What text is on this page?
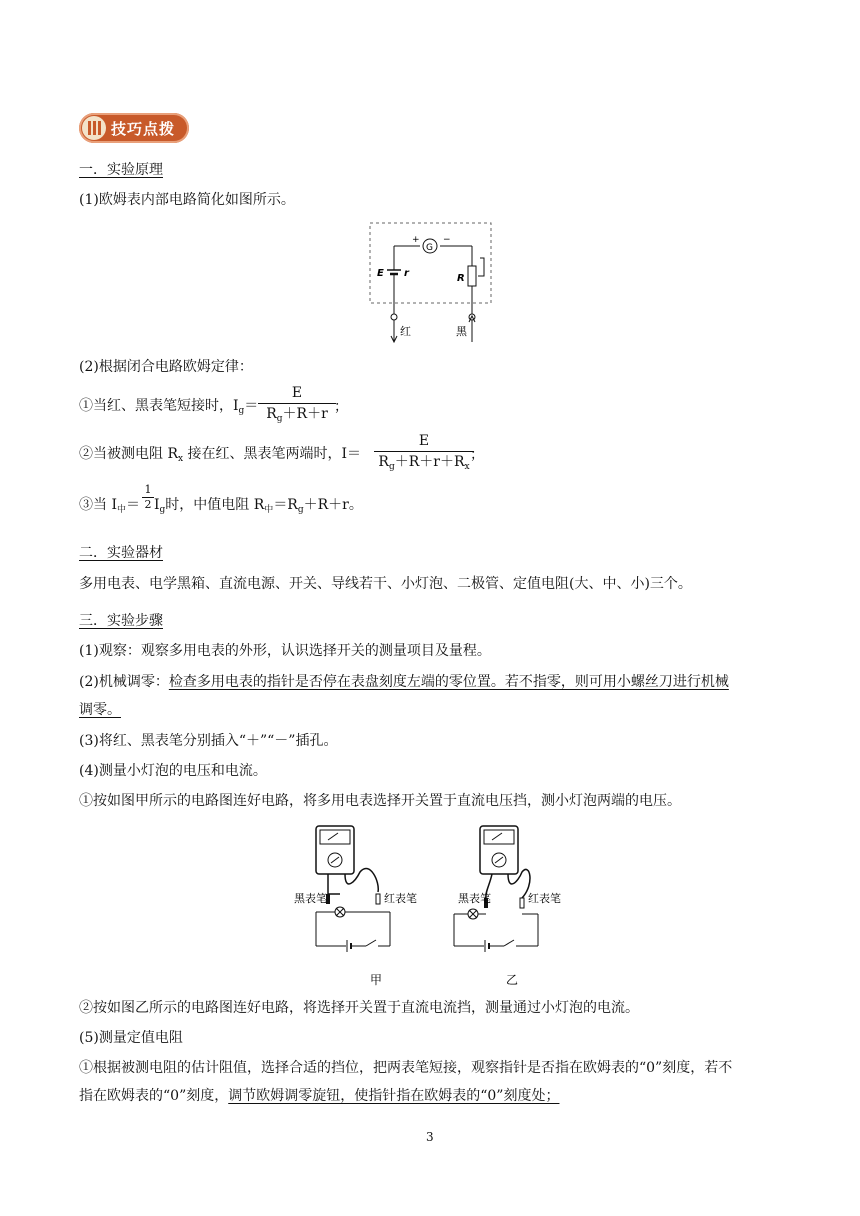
技巧点拨
一．实验原理
(1)欧姆表内部电路简化如图所示。
G
+	−
E r	R
红	黑
(2)根据闭合电路欧姆定律：
①当红、黑表笔短接时，$I_g=$
E
$R_g+R+r$ ；
②当被测电阻 $R_x$ 接在红、黑表笔两端时，I＝
E
$R_g+R+r+R_x$
；
③当 $I_中=$
1
2 $I_g$时，中值电阻 $R_中=R_g+R+r$。
二．实验器材
多用电表、电学黑箱、直流电源、开关、导线若干、小灯泡、二极管、定值电阻(大、中、小)三个。
三．实验步骤
(1)观察：观察多用电表的外形，认识选择开关的测量项目及量程。
(2)机械调零：检查多用电表的指针是否停在表盘刻度左端的零位置。若不指零，则可用小螺丝刀进行机械
调零。
(3)将红、黑表笔分别插入“＋”“－”插孔。
(4)测量小灯泡的电压和电流。
①按如图甲所示的电路图连好电路，将多用电表选择开关置于直流电压挡，测小灯泡两端的电压。
黑表笔	红表笔
甲
黑表笔	红表笔
乙
②按如图乙所示的电路图连好电路，将选择开关置于直流电流挡，测量通过小灯泡的电流。
(5)测量定值电阻
①根据被测电阻的估计阻值，选择合适的挡位，把两表笔短接，观察指针是否指在欧姆表的“0”刻度，若不
指在欧姆表的“0”刻度，调节欧姆调零旋钮，使指针指在欧姆表的“0”刻度处；
3
